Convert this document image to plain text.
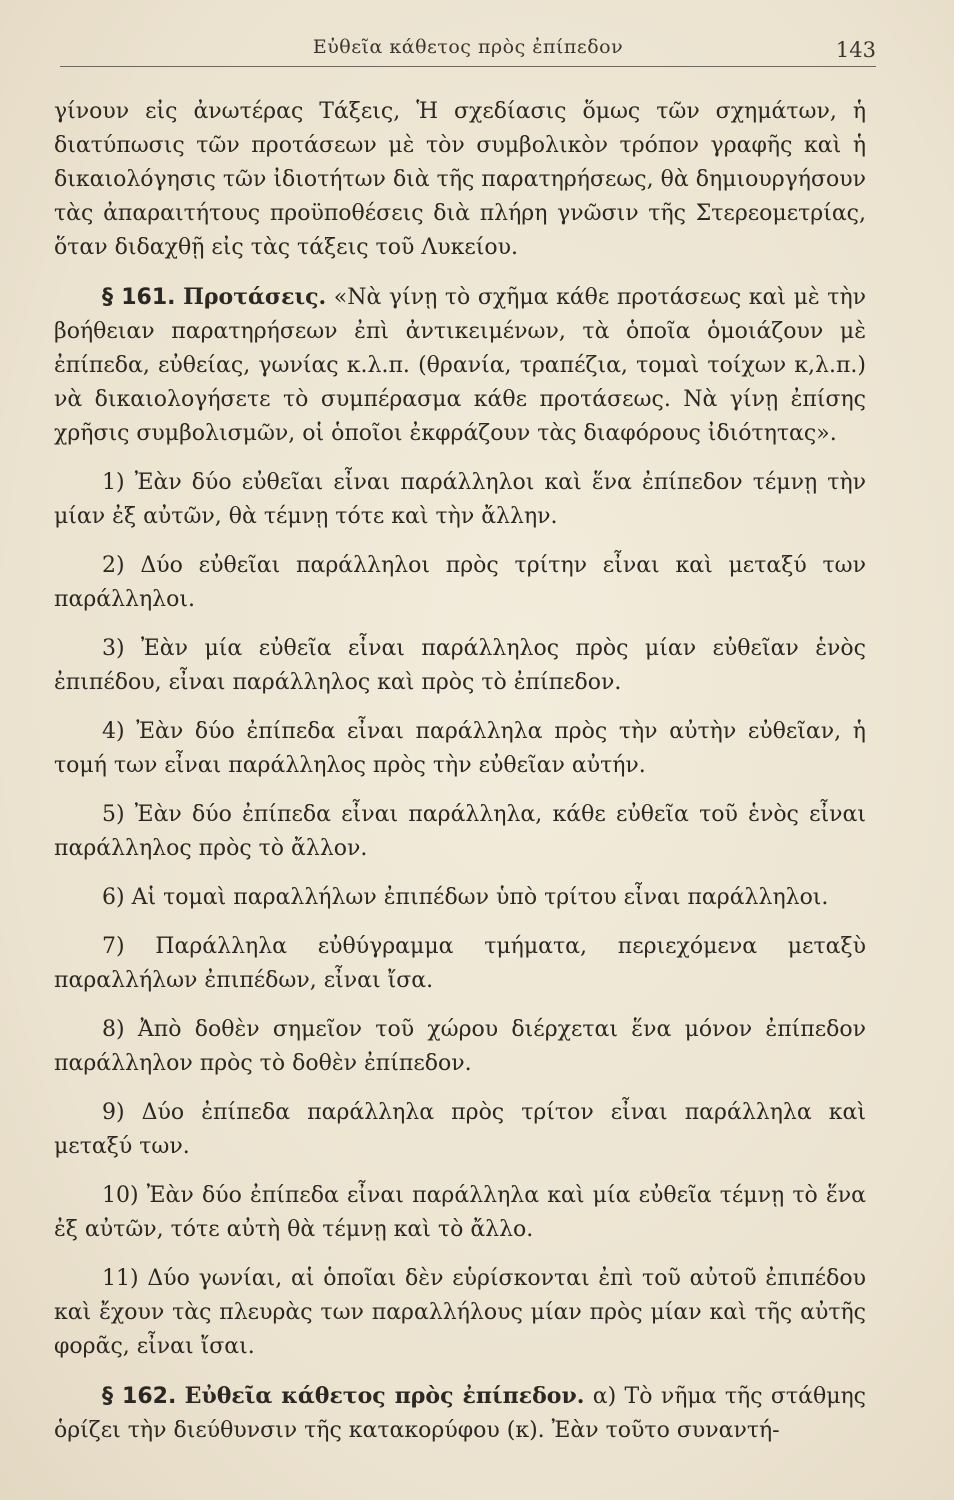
Εὐθεῖα κάθετος πρὸς ἐπίπεδον	143

γίνουν εἰς ἀνωτέρας Τάξεις, Ἡ σχεδίασις ὅμως τῶν σχημάτων, ἡ διατύπωσις τῶν προτάσεων μὲ τὸν συμβολικὸν τρόπον γραφῆς καὶ ἡ δικαιολόγησις τῶν ἰδιοτήτων διὰ τῆς παρατηρήσεως, θὰ δημιουργήσουν τὰς ἀπαραιτήτους προϋποθέσεις διὰ πλήρη γνῶσιν τῆς Στερεομετρίας, ὅταν διδαχθῇ εἰς τὰς τάξεις τοῦ Λυκείου.

§ 161. Προτάσεις. «Νὰ γίνῃ τὸ σχῆμα κάθε προτάσεως καὶ μὲ τὴν βοήθειαν παρατηρήσεων ἐπὶ ἀντικειμένων, τὰ ὁποῖα ὁμοιάζουν μὲ ἐπίπεδα, εὐθείας, γωνίας κ.λ.π. (θρανία, τραπέζια, τομαὶ τοίχων κ,λ.π.) νὰ δικαιολογήσετε τὸ συμπέρασμα κάθε προτάσεως. Νὰ γίνῃ ἐπίσης χρῆσις συμβολισμῶν, οἱ ὁποῖοι ἐκφράζουν τὰς διαφόρους ἰδιότητας».

1) Ἐὰν δύο εὐθεῖαι εἶναι παράλληλοι καὶ ἕνα ἐπίπεδον τέμνῃ τὴν μίαν ἐξ αὐτῶν, θὰ τέμνῃ τότε καὶ τὴν ἄλλην.

2) Δύο εὐθεῖαι παράλληλοι πρὸς τρίτην εἶναι καὶ μεταξύ των παράλληλοι.

3) Ἐὰν μία εὐθεῖα εἶναι παράλληλος πρὸς μίαν εὐθεῖαν ἑνὸς ἐπιπέδου, εἶναι παράλληλος καὶ πρὸς τὸ ἐπίπεδον.

4) Ἐὰν δύο ἐπίπεδα εἶναι παράλληλα πρὸς τὴν αὐτὴν εὐθεῖαν, ἡ τομή των εἶναι παράλληλος πρὸς τὴν εὐθεῖαν αὐτήν.

5) Ἐὰν δύο ἐπίπεδα εἶναι παράλληλα, κάθε εὐθεῖα τοῦ ἑνὸς εἶναι παράλληλος πρὸς τὸ ἄλλον.

6) Αἱ τομαὶ παραλλήλων ἐπιπέδων ὑπὸ τρίτου εἶναι παράλληλοι.

7) Παράλληλα εὐθύγραμμα τμήματα, περιεχόμενα μεταξὺ παραλλήλων ἐπιπέδων, εἶναι ἴσα.

8) Ἀπὸ δοθὲν σημεῖον τοῦ χώρου διέρχεται ἕνα μόνον ἐπίπεδον παράλληλον πρὸς τὸ δοθὲν ἐπίπεδον.

9) Δύο ἐπίπεδα παράλληλα πρὸς τρίτον εἶναι παράλληλα καὶ μεταξύ των.

10) Ἐὰν δύο ἐπίπεδα εἶναι παράλληλα καὶ μία εὐθεῖα τέμνῃ τὸ ἕνα ἐξ αὐτῶν, τότε αὐτὴ θὰ τέμνῃ καὶ τὸ ἄλλο.

11) Δύο γωνίαι, αἱ ὁποῖαι δὲν εὑρίσκονται ἐπὶ τοῦ αὐτοῦ ἐπιπέδου καὶ ἔχουν τὰς πλευρὰς των παραλλήλους μίαν πρὸς μίαν καὶ τῆς αὐτῆς φορᾶς, εἶναι ἴσαι.

§ 162. Εὐθεῖα κάθετος πρὸς ἐπίπεδον. α) Τὸ νῆμα τῆς στάθμης ὁρίζει τὴν διεύθυνσιν τῆς κατακορύφου (κ). Ἐὰν τοῦτο συναντή-
